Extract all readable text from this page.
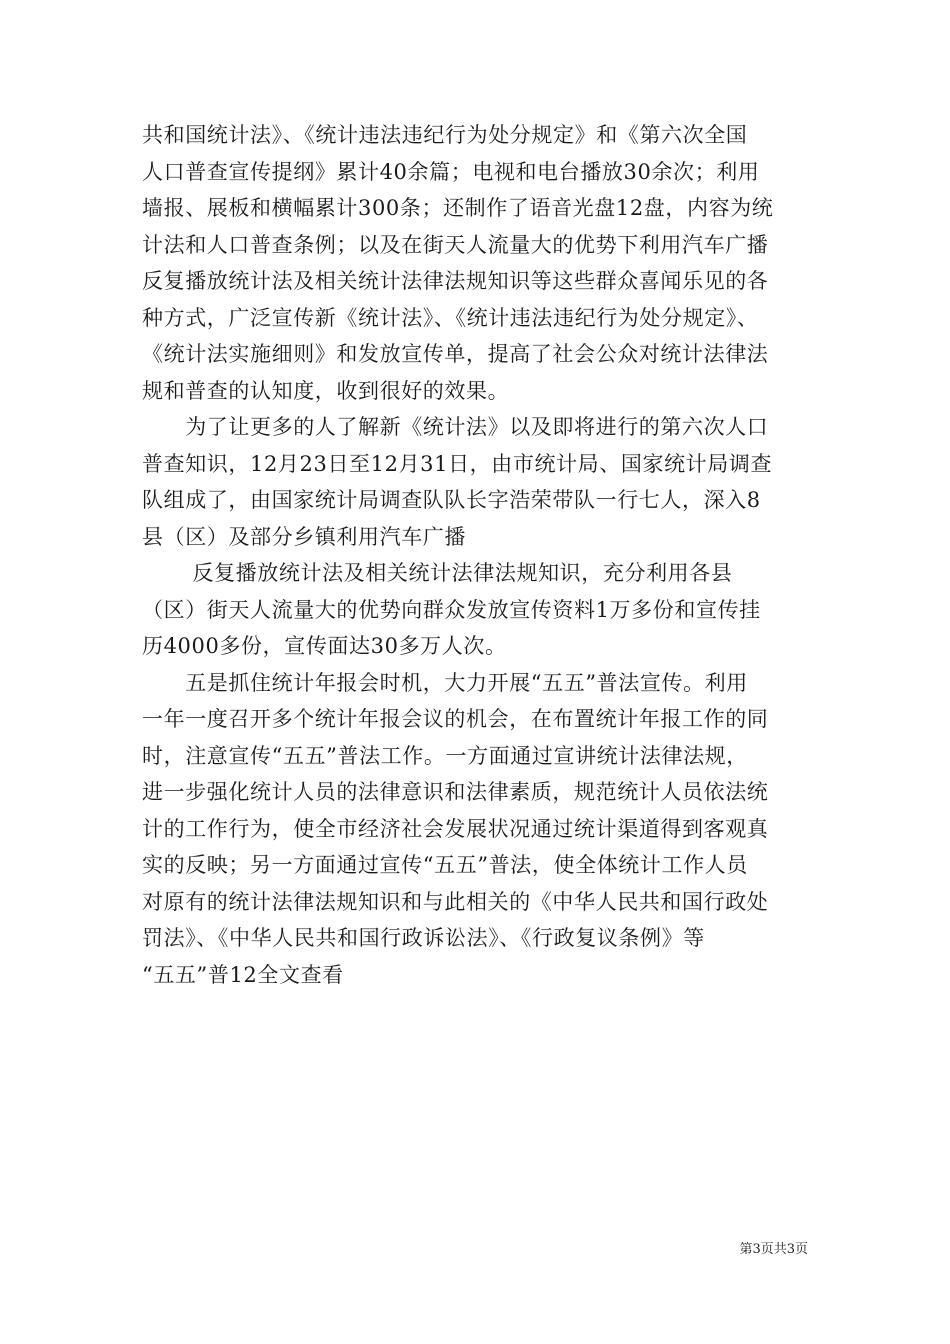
共和国统计法》、《统计违法违纪行为处分规定》和《第六次全国
人口普查宣传提纲》累计40余篇；电视和电台播放30余次；利用
墙报、展板和横幅累计300条；还制作了语音光盘12盘，内容为统
计法和人口普查条例；以及在街天人流量大的优势下利用汽车广播
反复播放统计法及相关统计法律法规知识等这些群众喜闻乐见的各
种方式，广泛宣传新《统计法》、《统计违法违纪行为处分规定》、
《统计法实施细则》和发放宣传单，提高了社会公众对统计法律法
规和普查的认知度，收到很好的效果。
　　为了让更多的人了解新《统计法》以及即将进行的第六次人口
普查知识，12月23日至12月31日，由市统计局、国家统计局调查
队组成了，由国家统计局调查队队长字浩荣带队一行七人，深入8
县（区）及部分乡镇利用汽车广播
　　 反复播放统计法及相关统计法律法规知识，充分利用各县
（区）街天人流量大的优势向群众发放宣传资料1万多份和宣传挂
历4000多份，宣传面达30多万人次。
　　五是抓住统计年报会时机，大力开展“五五”普法宣传。利用
一年一度召开多个统计年报会议的机会，在布置统计年报工作的同
时，注意宣传“五五”普法工作。一方面通过宣讲统计法律法规，
进一步强化统计人员的法律意识和法律素质，规范统计人员依法统
计的工作行为，使全市经济社会发展状况通过统计渠道得到客观真
实的反映；另一方面通过宣传“五五”普法，使全体统计工作人员
对原有的统计法律法规知识和与此相关的《中华人民共和国行政处
罚法》、《中华人民共和国行政诉讼法》、《行政复议条例》等
“五五”普12全文查看
第3页共3页
